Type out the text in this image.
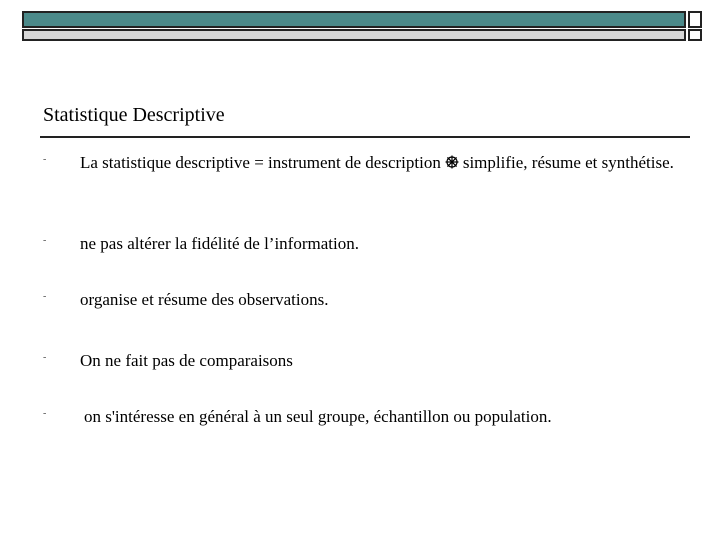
Statistique Descriptive
- La statistique descriptive = instrument de description simplifie, résume et synthétise.
- ne pas altérer la fidélité de l’information.
- organise et résume des observations.
- On ne fait pas de comparaisons
- on s'intéresse en général à un seul groupe, échantillon ou population.
